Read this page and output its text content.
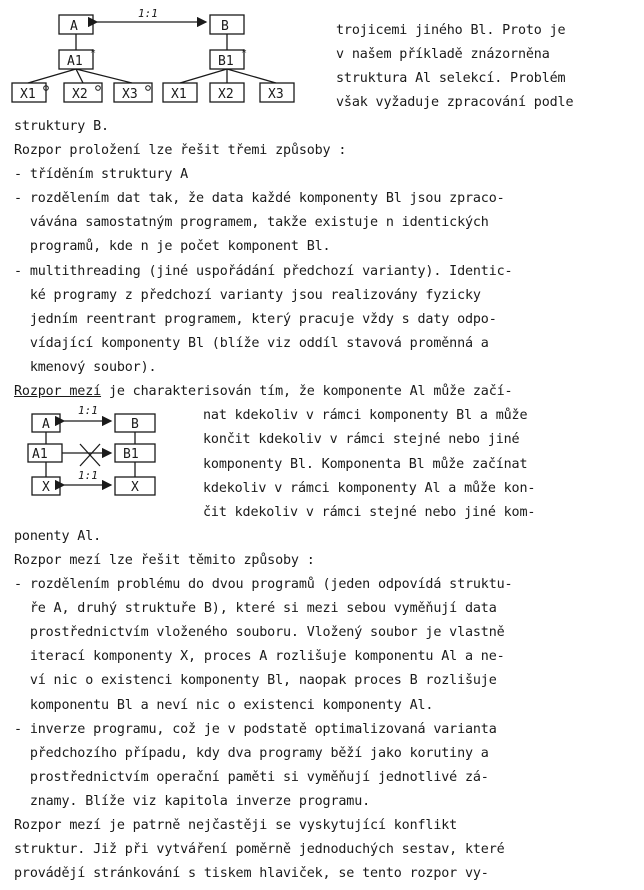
A	B
1:1
A1	B1
*	*
X1	X2	X3	X1 X2	X3
trojicemi jiného Bl. Proto je
v našem příkladě znázorněna
struktura Al selekcí. Problém
však vyžaduje zpracování podle
struktury B.
Rozpor proložení lze řešit třemi způsoby :
- tříděním struktury A
- rozdělením dat tak, že data každé komponenty Bl jsou zpraco-
vávána samostatným programem, takže existuje n identických
programů, kde n je počet komponent Bl.
- multithreading (jiné uspořádání předchozí varianty). Identic-
ké programy z předchozí varianty jsou realizovány fyzicky
jedním reentrant programem, který pracuje vždy s daty odpo-
vídající komponenty Bl (blíže viz oddíl stavová proměnná a
kmenový soubor).
Rozpor mezí je charakterisován tím, že komponente Al může začí-
A	B
A1	B1
X	X
1:1
1:1
nat kdekoliv v rámci komponenty Bl a může
končit kdekoliv v rámci stejné nebo jiné
komponenty Bl. Komponenta Bl může začínat
kdekoliv v rámci komponenty Al a může kon-
čit kdekoliv v rámci stejné nebo jiné kom-
ponenty Al.
Rozpor mezí lze řešit těmito způsoby :
- rozdělením problému do dvou programů (jeden odpovídá struktu-
ře A, druhý struktuře B), které si mezi sebou vyměňují data
prostřednictvím vloženého souboru. Vložený soubor je vlastně
iterací komponenty X, proces A rozlišuje komponentu Al a ne-
ví nic o existenci komponenty Bl, naopak proces B rozlišuje
komponentu Bl a neví nic o existenci komponenty Al.
- inverze programu, což je v podstatě optimalizovaná varianta
předchozího případu, kdy dva programy běží jako korutiny a
prostřednictvím operační paměti si vyměňují jednotlivé zá-
znamy. Blíže viz kapitola inverze programu.
Rozpor mezí je patrně nejčastěji se vyskytující konflikt
struktur. Již při vytváření poměrně jednoduchých sestav, které
provádějí stránkování s tiskem hlaviček, se tento rozpor vy-
